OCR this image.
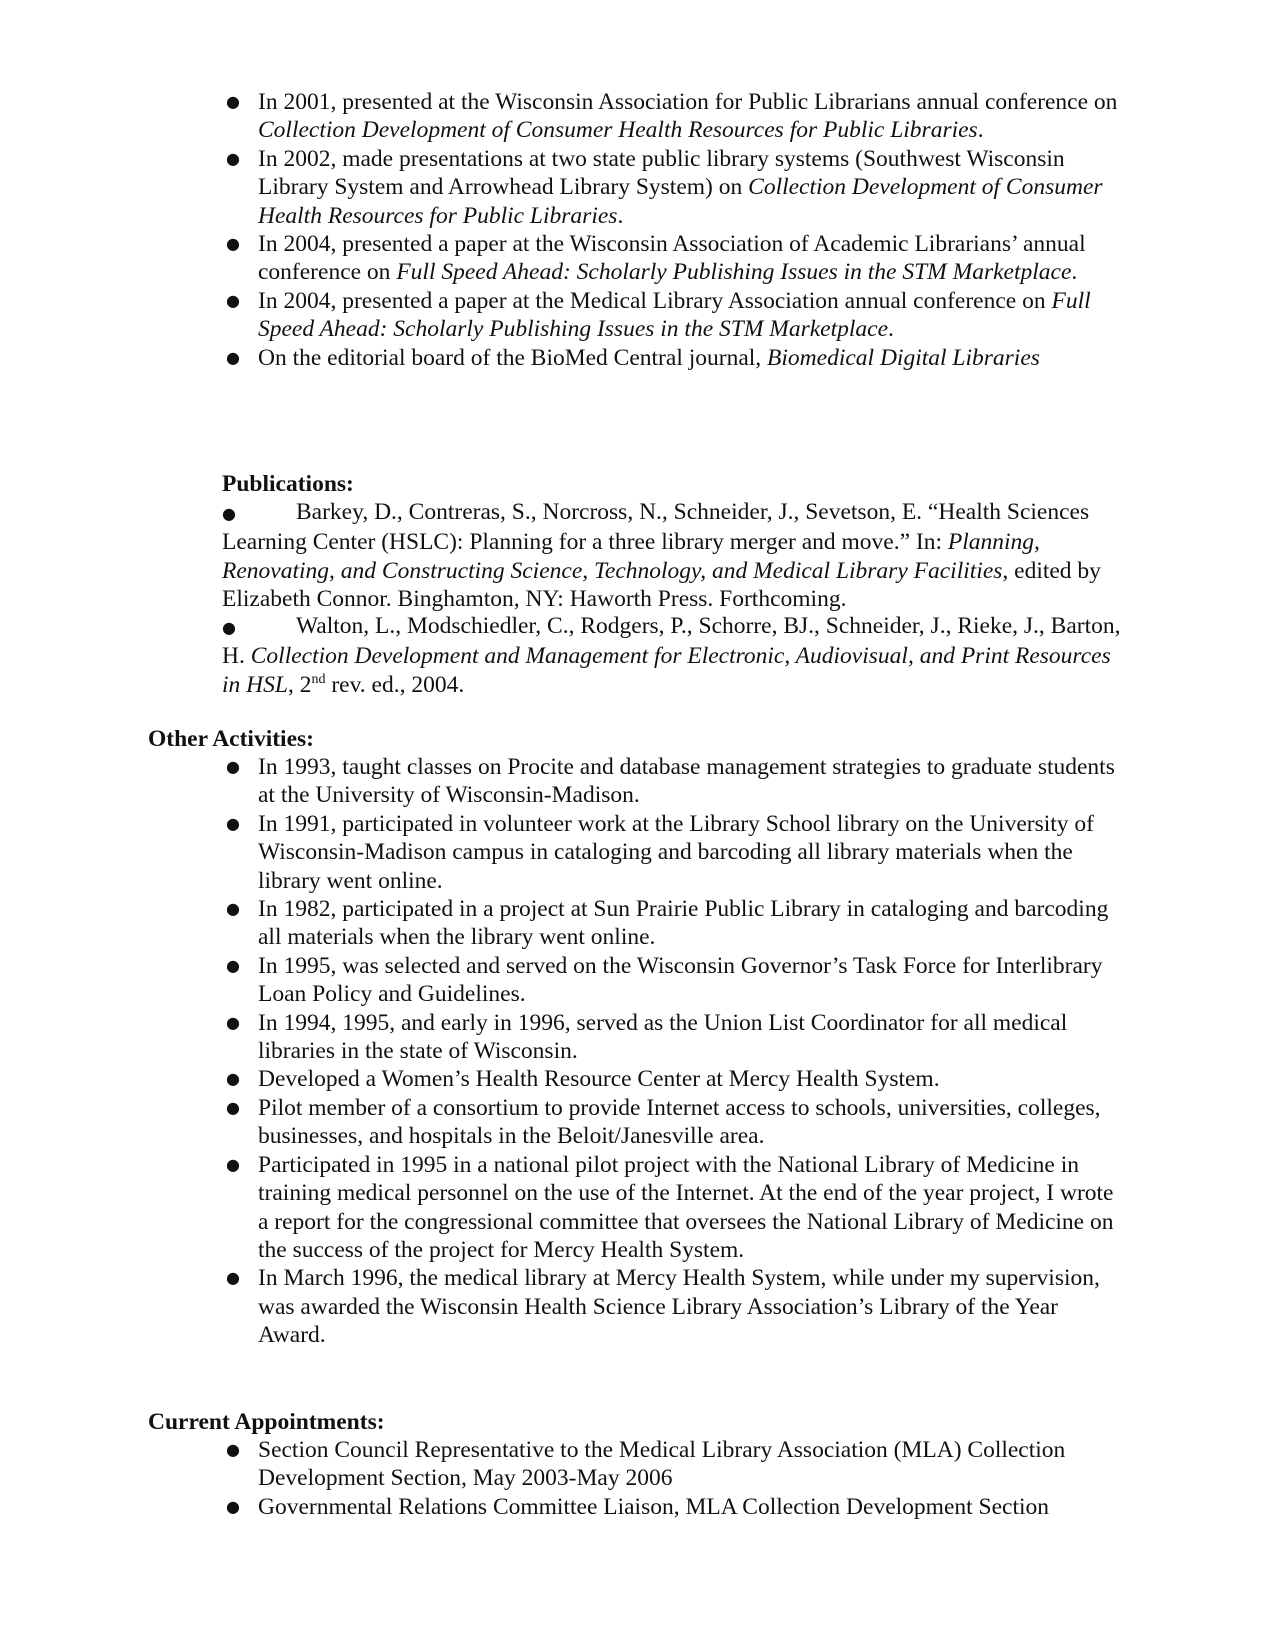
● In 2001, presented at the Wisconsin Association for Public Librarians annual conference on Collection Development of Consumer Health Resources for Public Libraries.
● In 2002, made presentations at two state public library systems (Southwest Wisconsin Library System and Arrowhead Library System) on Collection Development of Consumer Health Resources for Public Libraries.
● In 2004, presented a paper at the Wisconsin Association of Academic Librarians’ annual conference on Full Speed Ahead: Scholarly Publishing Issues in the STM Marketplace.
● In 2004, presented a paper at the Medical Library Association annual conference on Full Speed Ahead: Scholarly Publishing Issues in the STM Marketplace.
● On the editorial board of the BioMed Central journal, Biomedical Digital Libraries

Publications:

●	Barkey, D., Contreras, S., Norcross, N., Schneider, J., Sevetson, E. “Health Sciences Learning Center (HSLC): Planning for a three library merger and move.” In: Planning, Renovating, and Constructing Science, Technology, and Medical Library Facilities, edited by Elizabeth Connor. Binghamton, NY: Haworth Press. Forthcoming.

●	Walton, L., Modschiedler, C., Rodgers, P., Schorre, BJ., Schneider, J., Rieke, J., Barton, H. Collection Development and Management for Electronic, Audiovisual, and Print Resources in HSL, 2nd rev. ed., 2004.

Other Activities:

● In 1993, taught classes on Procite and database management strategies to graduate students at the University of Wisconsin-Madison.
● In 1991, participated in volunteer work at the Library School library on the University of Wisconsin-Madison campus in cataloging and barcoding all library materials when the library went online.
● In 1982, participated in a project at Sun Prairie Public Library in cataloging and barcoding all materials when the library went online.
● In 1995, was selected and served on the Wisconsin Governor’s Task Force for Interlibrary Loan Policy and Guidelines.
● In 1994, 1995, and early in 1996, served as the Union List Coordinator for all medical libraries in the state of Wisconsin.
● Developed a Women’s Health Resource Center at Mercy Health System.
● Pilot member of a consortium to provide Internet access to schools, universities, colleges, businesses, and hospitals in the Beloit/Janesville area.
● Participated in 1995 in a national pilot project with the National Library of Medicine in training medical personnel on the use of the Internet. At the end of the year project, I wrote a report for the congressional committee that oversees the National Library of Medicine on the success of the project for Mercy Health System.
● In March 1996, the medical library at Mercy Health System, while under my supervision, was awarded the Wisconsin Health Science Library Association’s Library of the Year Award.

Current Appointments:

● Section Council Representative to the Medical Library Association (MLA) Collection Development Section, May 2003-May 2006
● Governmental Relations Committee Liaison, MLA Collection Development Section
